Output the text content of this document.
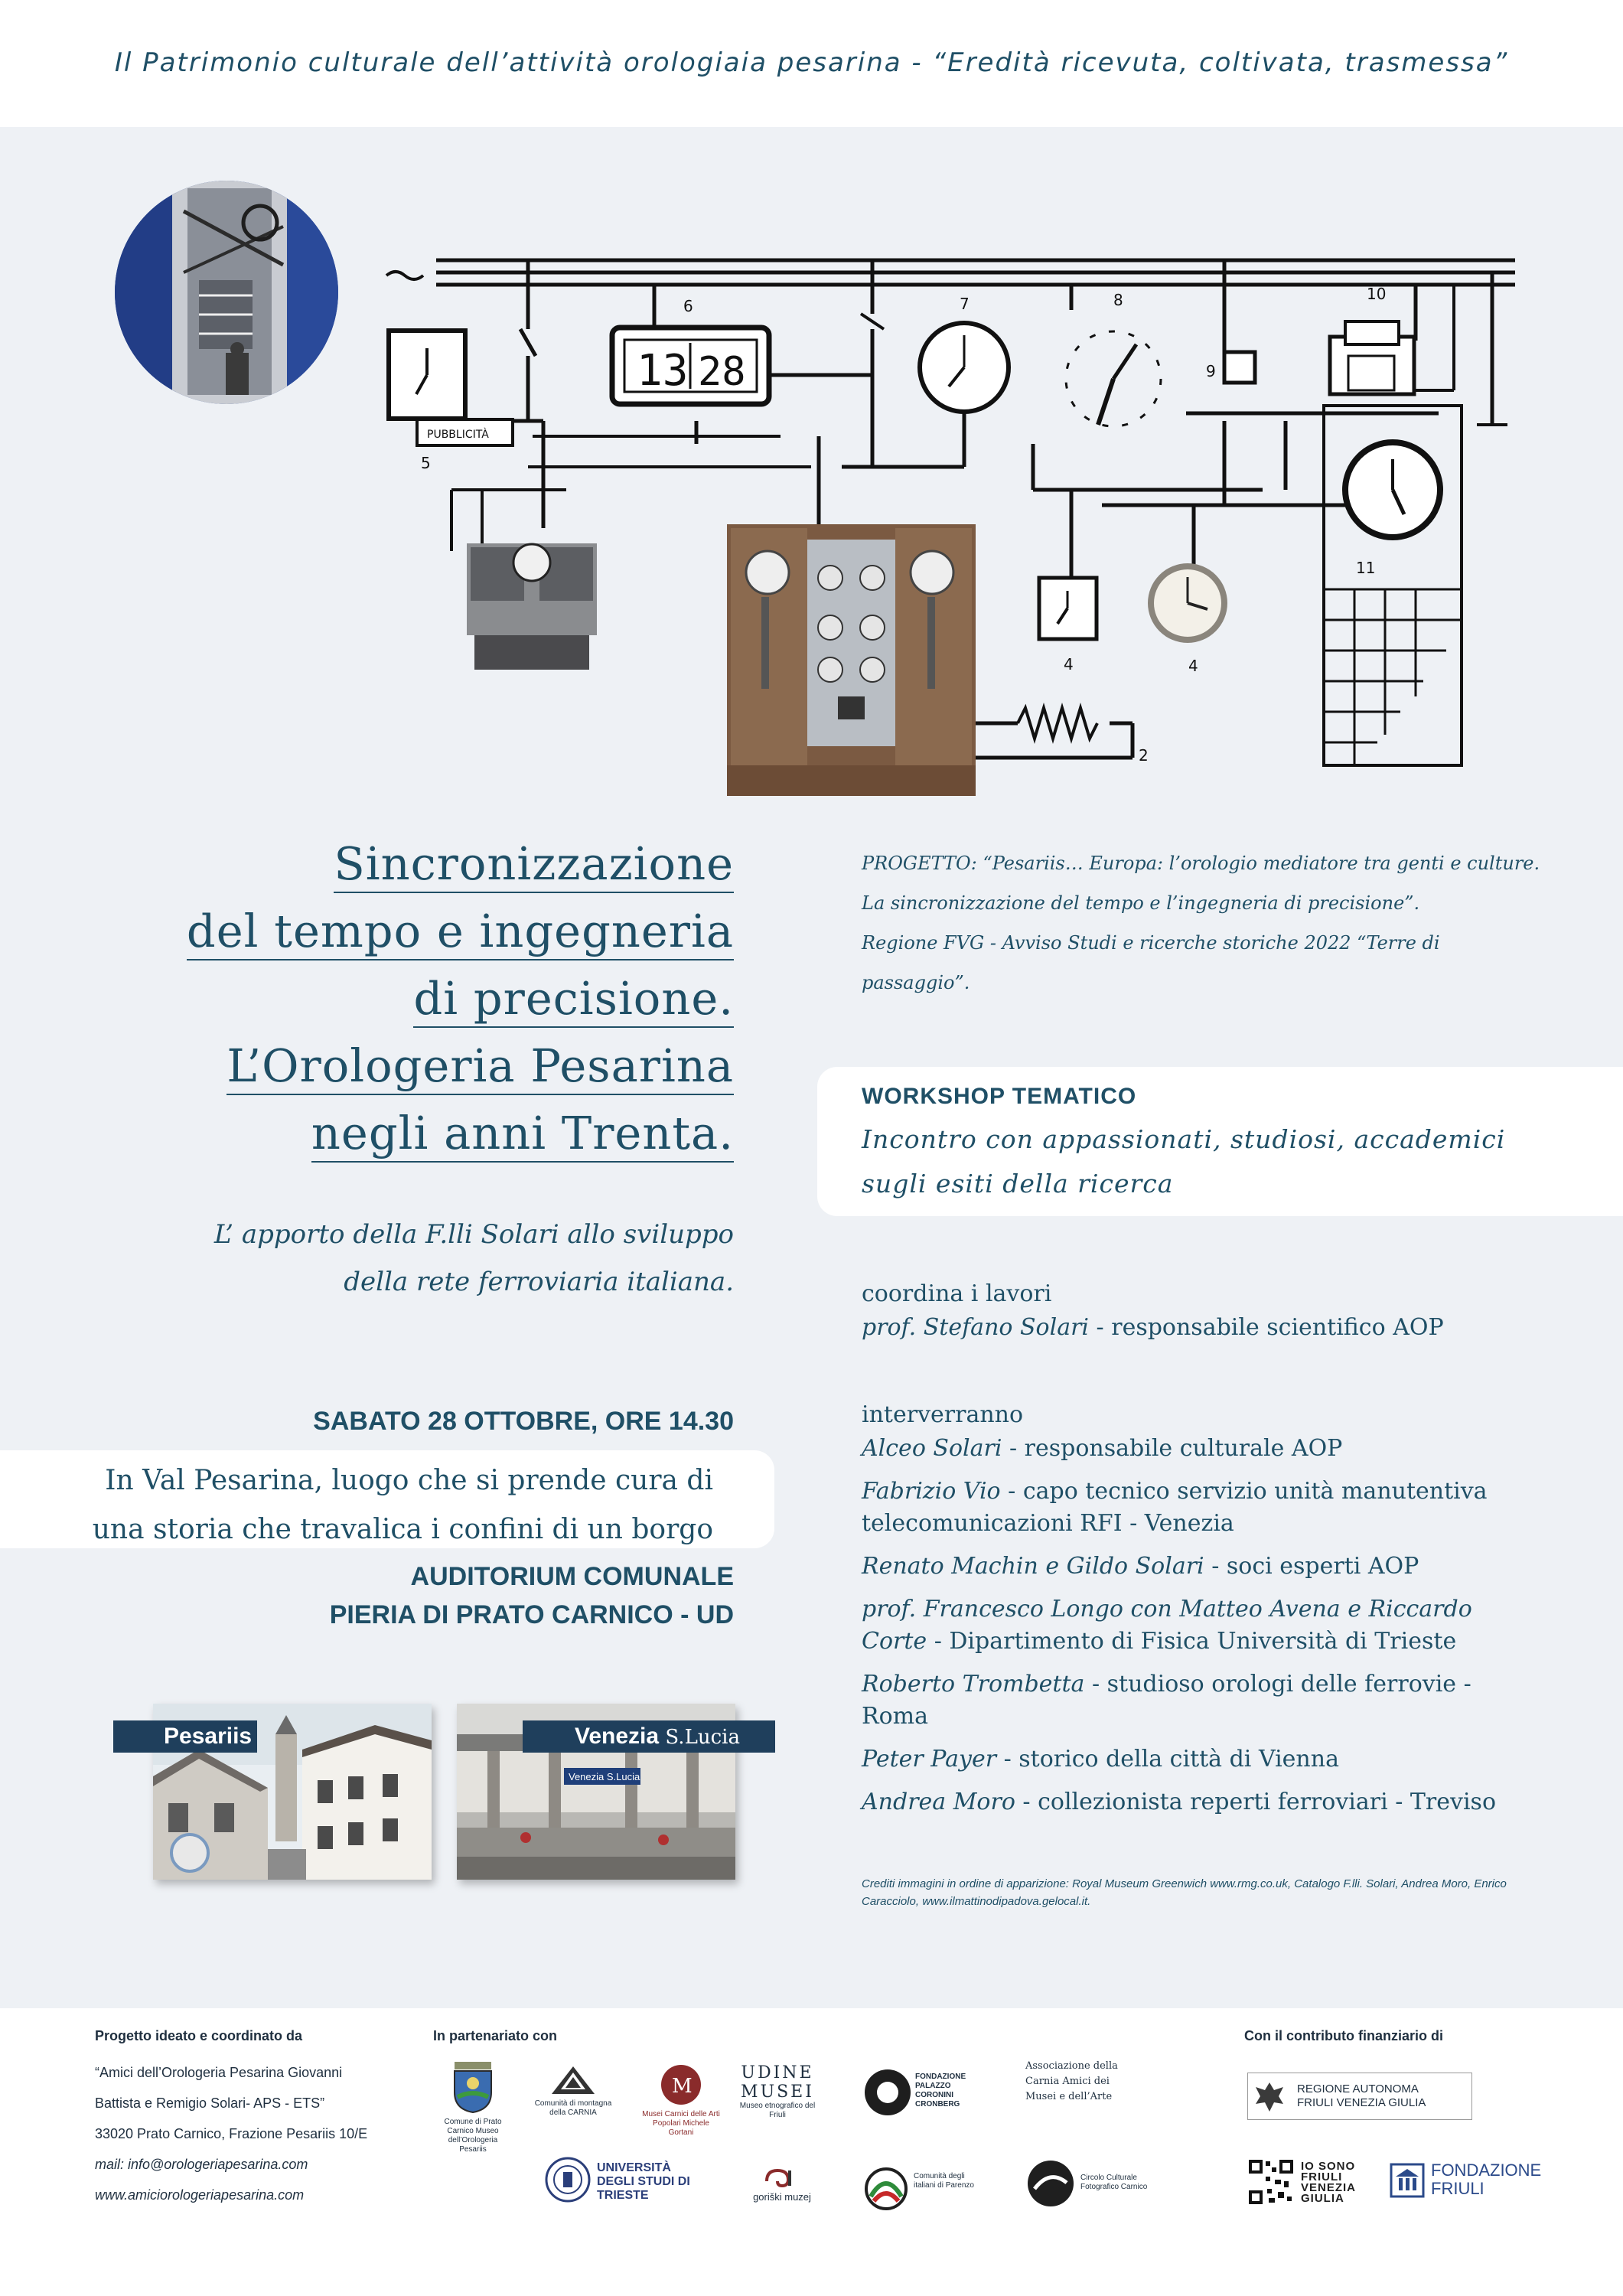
Il Patrimonio culturale dell’attività orologiaia pesarina - “Eredità ricevuta, coltivata, trasmessa”
PUBBLICITÀ
13 28
5
6	7	8
9
10
11
4	4
2
Sincronizzazione
del tempo e ingegneria
di precisione.
L’Orologeria Pesarina
negli anni Trenta.
L’ apporto della F.lli Solari allo sviluppo
della rete ferroviaria italiana.
SABATO 28 OTTOBRE, ORE 14.30
In Val Pesarina, luogo che si prende cura di
una storia che travalica i confini di un borgo
AUDITORIUM COMUNALE
PIERIA DI PRATO CARNICO - UD
Pesariis
Venezia S.Lucia
Venezia S.Lucia
PROGETTO: “Pesariis… Europa: l’orologio mediatore tra genti e culture.
La sincronizzazione del tempo e l’ingegneria di precisione”.
Regione FVG - Avviso Studi e ricerche storiche 2022 “Terre di passaggio”.
WORKSHOP TEMATICO
Incontro con appassionati, studiosi, accademici
sugli esiti della ricerca

coordina i lavori

prof. Stefano Solari - responsabile scientifico AOP

interverranno

Alceo Solari - responsabile culturale AOP

Fabrizio Vio - capo tecnico servizio unità manutentiva telecomunicazioni RFI - Venezia

Renato Machin e Gildo Solari - soci esperti AOP

prof. Francesco Longo con Matteo Avena e Riccardo Corte - Dipartimento di Fisica Università di Trieste

Roberto Trombetta - studioso orologi delle ferrovie - Roma

Peter Payer - storico della città di Vienna

Andrea Moro - collezionista reperti ferroviari - Treviso

Crediti immagini in ordine di apparizione: Royal Museum Greenwich www.rmg.co.uk, Catalogo F.lli. Solari, Andrea Moro, Enrico Caracciolo, www.ilmattinodipadova.gelocal.it.
Progetto ideato e coordinato da
“Amici dell’Orologeria Pesarina Giovanni
Battista e Remigio Solari- APS - ETS”
33020 Prato Carnico, Frazione Pesariis 10/E
mail: info@orologeriapesarina.com
www.amiciorologeriapesarina.com
In partenariato con
Comune di Prato Carnico Museo dell’Orologeria Pesariis
Comunità di montagna della CARNIA
M
Musei Carnici delle Arti Popolari Michele Gortani
UDINE
MUSEI
Museo etnografico del Friuli
FONDAZIONE PALAZZO CORONINI CRONBERG
Associazione della Carnia Amici dei Musei e dell’Arte
UNIVERSITÀ DEGLI STUDI DI TRIESTE	goriški muzej
Comunità degli italiani di Parenzo
Circolo Culturale Fotografico Carnico
Con il contributo finanziario di
REGIONE AUTONOMA
FRIULI VENEZIA GIULIA
IO SONO FRIULI VENEZIA GIULIA
FONDAZIONE
FRIULI
